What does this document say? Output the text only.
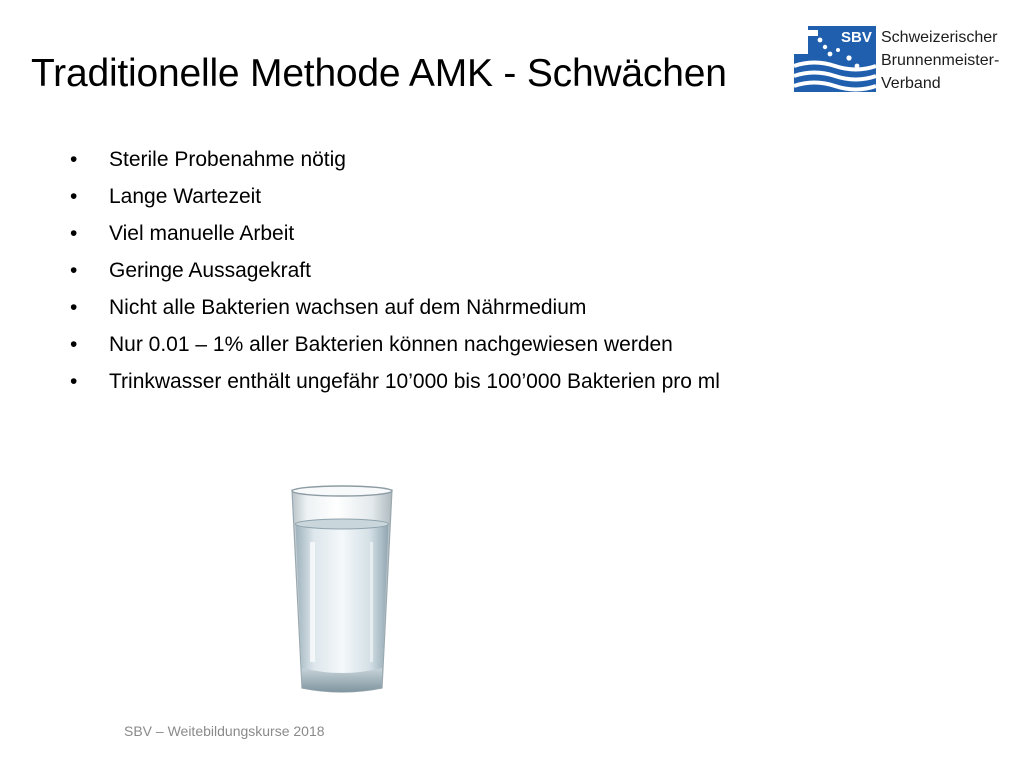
Traditionelle Methode AMK - Schwächen
SBV Schweizerischer
Brunnenmeister-
Verband
• Sterile Probenahme nötig
• Lange Wartezeit
• Viel manuelle Arbeit
• Geringe Aussagekraft
• Nicht alle Bakterien wachsen auf dem Nährmedium
• Nur 0.01 – 1% aller Bakterien können nachgewiesen werden
• Trinkwasser enthält ungefähr 10’000 bis 100’000 Bakterien pro ml
SBV – Weitebildungskurse 2018
